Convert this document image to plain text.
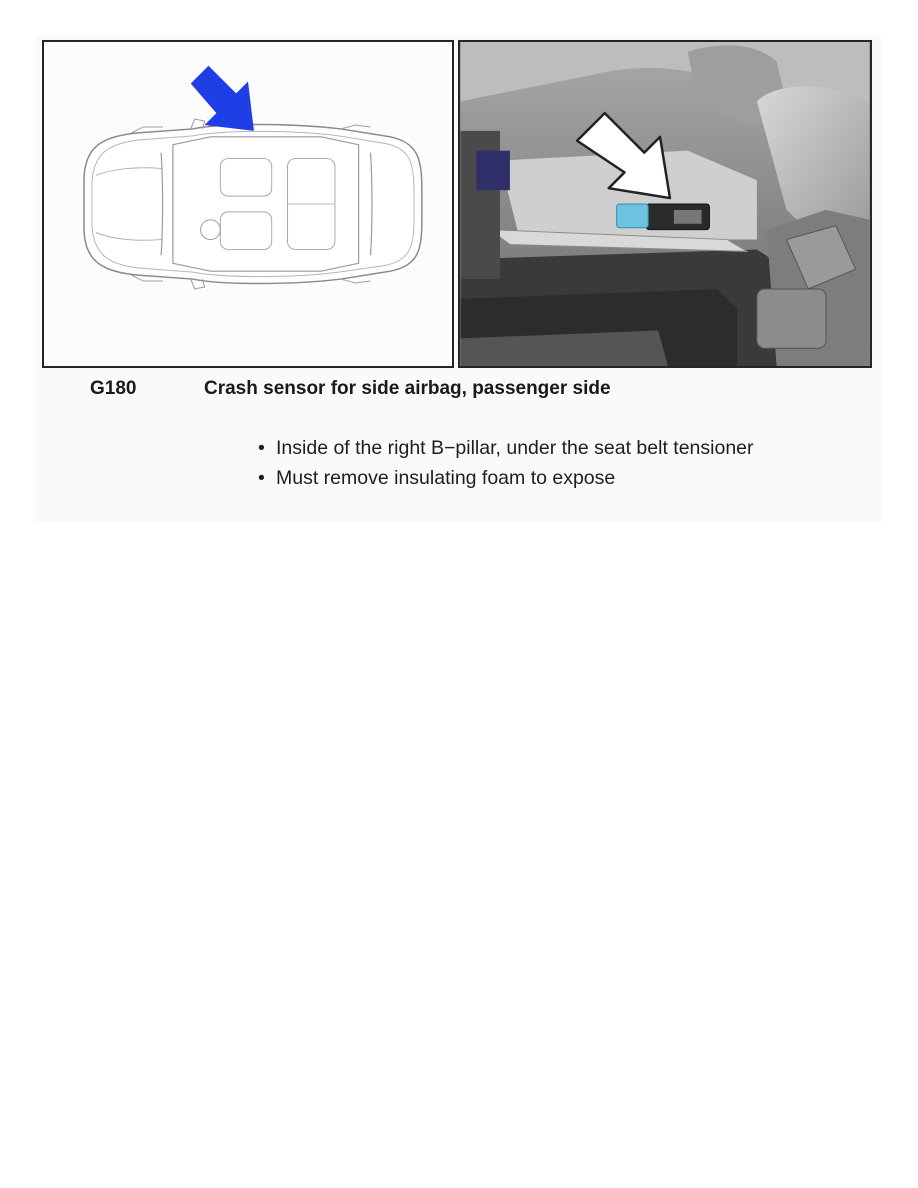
G180	Crash sensor for side airbag, passenger side
• Inside of the right B−pillar, under the seat belt tensioner
• Must remove insulating foam to expose
